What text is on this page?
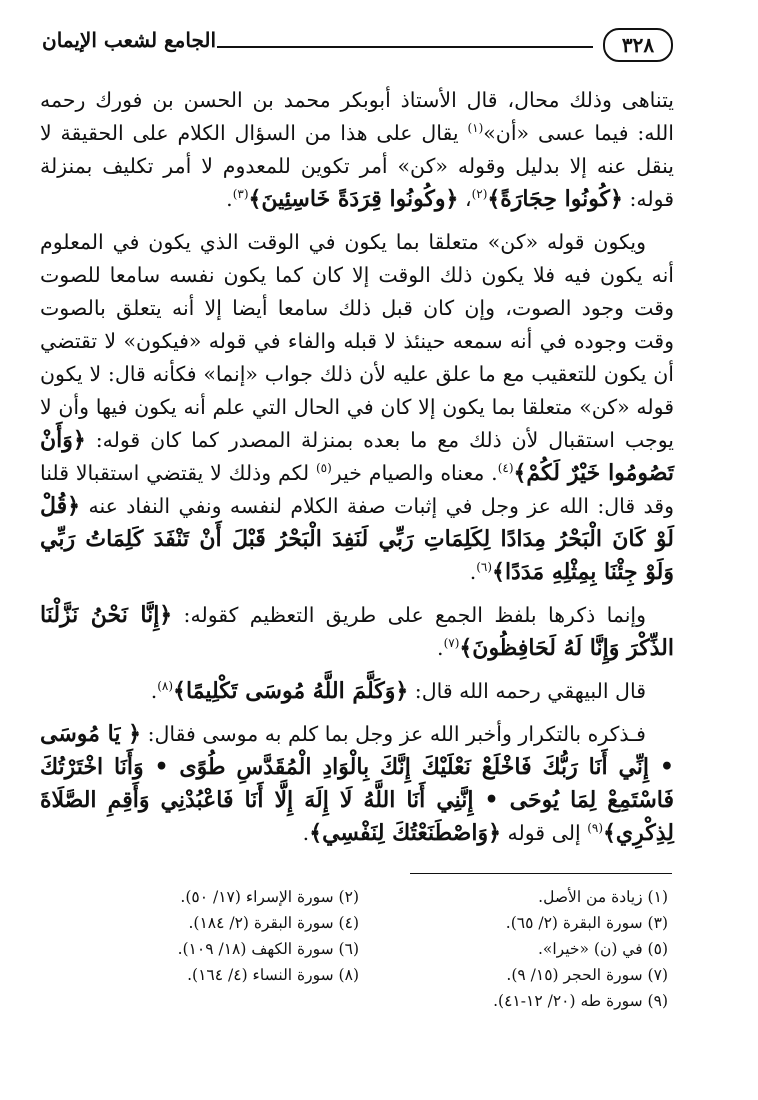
٣٢٨
الجامع لشعب الإيمان

يتناهى وذلك محال، قال الأستاذ أبوبكر محمد بن الحسن بن فورك رحمه الله: فيما عسى «أن»$^{(١)}$ يقال على هذا من السؤال الكلام على الحقيقة لا ينقل عنه إلا بدليل وقوله «كن» أمر تكوين للمعدوم لا أمر تكليف بمنزلة قوله: ﴿كُونُوا حِجَارَةً﴾$^{(٢)}$، ﴿وكُونُوا قِرَدَةً خَاسِئِينَ﴾$^{(٣)}$.

ويكون قوله «كن» متعلقا بما يكون في الوقت الذي يكون في المعلوم أنه يكون فيه فلا يكون ذلك الوقت إلا كان كما يكون نفسه سامعا للصوت وقت وجود الصوت، وإن كان قبل ذلك سامعا أيضا إلا أنه يتعلق بالصوت وقت وجوده في أنه سمعه حينئذ لا قبله والفاء في قوله «فيكون» لا تقتضي أن يكون للتعقيب مع ما علق عليه لأن ذلك جواب «إنما» فكأنه قال: لا يكون قوله «كن» متعلقا بما يكون إلا كان في الحال التي علم أنه يكون فيها وأن لا يوجب استقبال لأن ذلك مع ما بعده بمنزلة المصدر كما كان قوله: ﴿وَأَنْ تَصُومُوا خَيْرٌ لَكُمْ﴾$^{(٤)}$. معناه والصيام خير$^{(٥)}$ لكم وذلك لا يقتضي استقبالا قلنا وقد قال: الله عز وجل في إثبات صفة الكلام لنفسه ونفي النفاد عنه ﴿قُلْ لَوْ كَانَ الْبَحْرُ مِدَادًا لِكَلِمَاتِ رَبِّي لَنَفِدَ الْبَحْرُ قَبْلَ أَنْ تَنْفَدَ كَلِمَاتُ رَبِّي وَلَوْ جِئْنَا بِمِثْلِهِ مَدَدًا﴾$^{(٦)}$.

وإنما ذكرها بلفظ الجمع على طريق التعظيم كقوله: ﴿إِنَّا نَحْنُ نَزَّلْنَا الذِّكْرَ وَإِنَّا لَهُ لَحَافِظُونَ﴾$^{(٧)}$.

قال البيهقي رحمه الله قال: ﴿وَكَلَّمَ اللَّهُ مُوسَى تَكْلِيمًا﴾$^{(٨)}$.

فـذكره بالتكرار وأخبر الله عز وجل بما كلم به موسى فقال: ﴿ يَا مُوسَى • إِنِّي أَنَا رَبُّكَ فَاخْلَعْ نَعْلَيْكَ إِنَّكَ بِالْوَادِ الْمُقَدَّسِ طُوًى • وَأَنَا اخْتَرْتُكَ فَاسْتَمِعْ لِمَا يُوحَى • إِنَّنِي أَنَا اللَّهُ لَا إِلَهَ إِلَّا أَنَا فَاعْبُدْنِي وَأَقِمِ الصَّلَاةَ لِذِكْرِي﴾$^{(٩)}$ إلى قوله ﴿وَاصْطَنَعْتُكَ لِنَفْسِي﴾.

(١) زيادة من الأصل.
(٢) سورة الإسراء (١٧/ ٥٠).
(٣) سورة البقرة (٢/ ٦٥).
(٤) سورة البقرة (٢/ ١٨٤).
(٥) في (ن) «خيرا».
(٦) سورة الكهف (١٨/ ١٠٩).
(٧) سورة الحجر (١٥/ ٩).
(٨) سورة النساء (٤/ ١٦٤).
(٩) سورة طه (٢٠/ ١٢-٤١).
